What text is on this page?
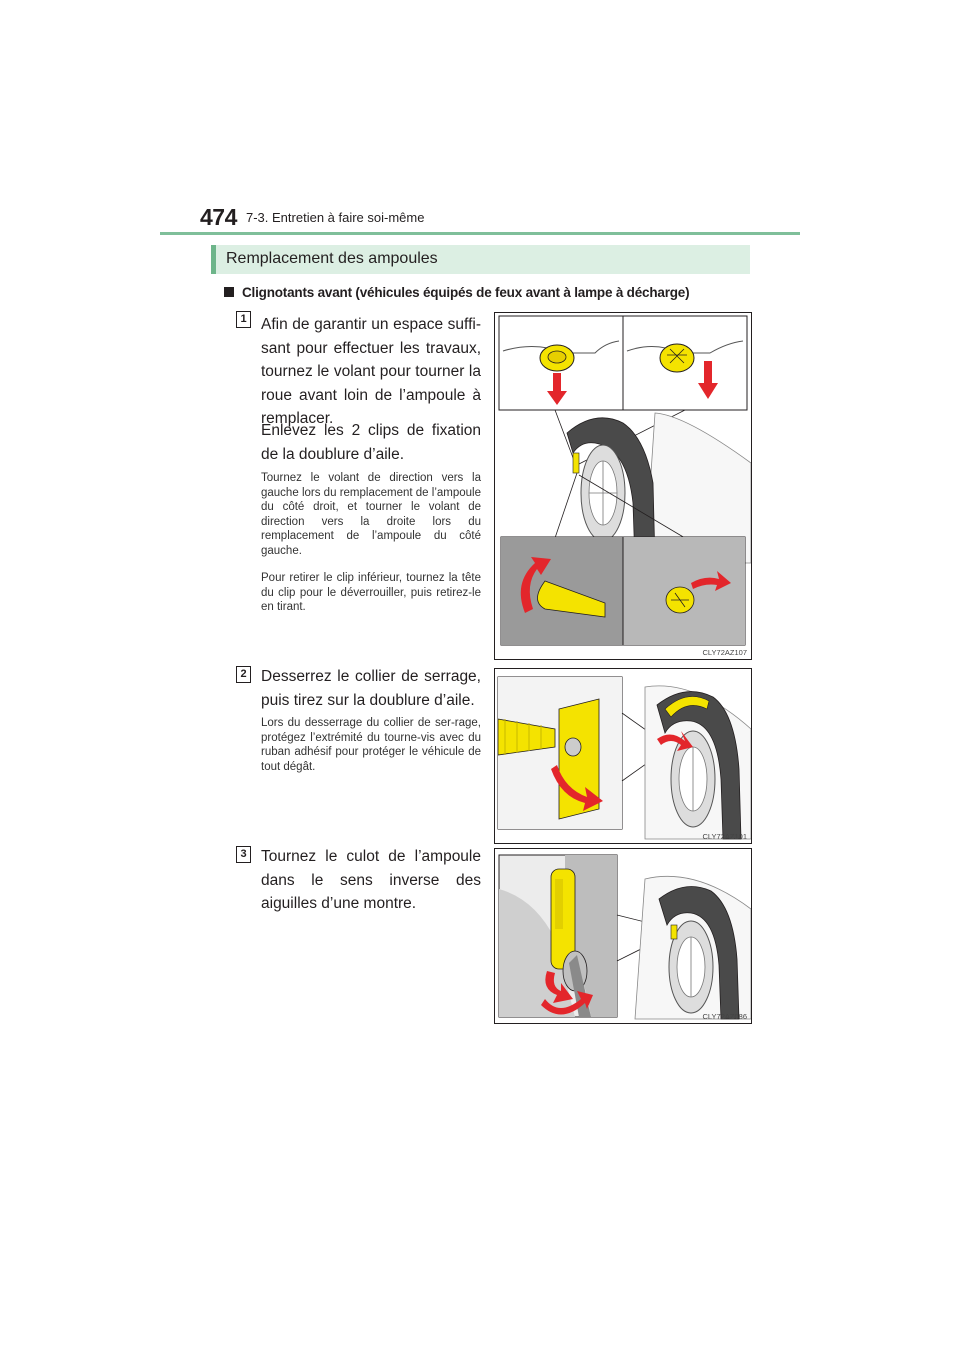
474 7-3. Entretien à faire soi-même
Remplacement des ampoules
Clignotants avant (véhicules équipés de feux avant à lampe à décharge)
1 Afin de garantir un espace suffi-sant pour effectuer les travaux, tournez le volant pour tourner la roue avant loin de l’ampoule à remplacer.
Enlevez les 2 clips de fixation de la doublure d’aile.
Tournez le volant de direction vers la gauche lors du remplacement de l’ampoule du côté droit, et tourner le volant de direction vers la droite lors du remplacement de l’ampoule du côté gauche.
Pour retirer le clip inférieur, tournez la tête du clip pour le déverrouiller, puis retirez-le en tirant.
CLY72AZ107
2 Desserrez le collier de serrage, puis tirez sur la doublure d’aile.
Lors du desserrage du collier de ser-rage, protégez l’extrémité du tourne-vis avec du ruban adhésif pour protéger le véhicule de tout dégât.
CLY72AZ101
3 Tournez le culot de l’ampoule dans le sens inverse des aiguilles d’une montre.
CLY72AZ086
